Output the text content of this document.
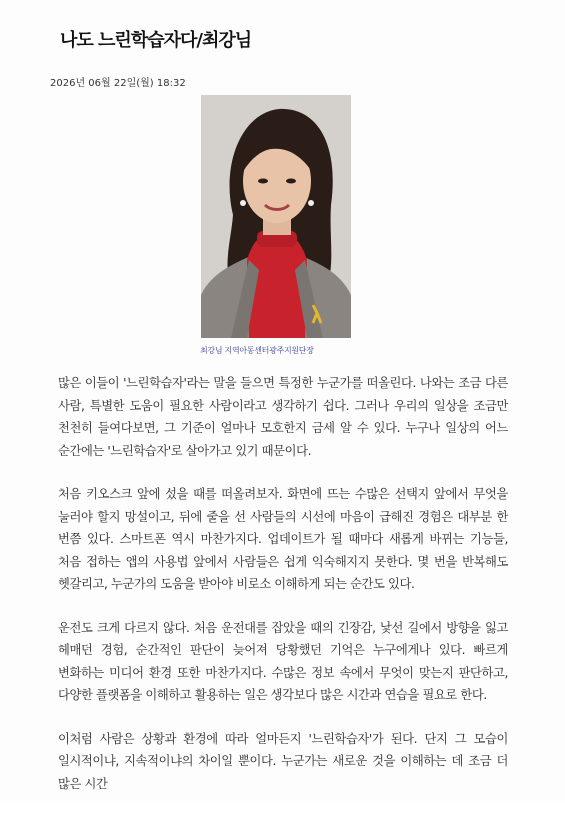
나도 느린학습자다/최강님
2026년 06월 22일(월) 18:32
최강님 지역아동센터광주지원단장

많은 이들이 '느린학습자'라는 말을 들으면 특정한 누군가를 떠올린다. 나와는 조금 다른 사람, 특별한 도움이 필요한 사람이라고 생각하기 쉽다. 그러나 우리의 일상을 조금만 천천히 들여다보면, 그 기준이 얼마나 모호한지 금세 알 수 있다. 누구나 일상의 어느 순간에는 '느린학습자'로 살아가고 있기 때문이다.

처음 키오스크 앞에 섰을 때를 떠올려보자. 화면에 뜨는 수많은 선택지 앞에서 무엇을 눌러야 할지 망설이고, 뒤에 줄을 선 사람들의 시선에 마음이 급해진 경험은 대부분 한 번쯤 있다. 스마트폰 역시 마찬가지다. 업데이트가 될 때마다 새롭게 바뀌는 기능들, 처음 접하는 앱의 사용법 앞에서 사람들은 쉽게 익숙해지지 못한다. 몇 번을 반복해도 헷갈리고, 누군가의 도움을 받아야 비로소 이해하게 되는 순간도 있다.

운전도 크게 다르지 않다. 처음 운전대를 잡았을 때의 긴장감, 낯선 길에서 방향을 잃고 헤매던 경험, 순간적인 판단이 늦어져 당황했던 기억은 누구에게나 있다. 빠르게 변화하는 미디어 환경 또한 마찬가지다. 수많은 정보 속에서 무엇이 맞는지 판단하고, 다양한 플랫폼을 이해하고 활용하는 일은 생각보다 많은 시간과 연습을 필요로 한다.

이처럼 사람은 상황과 환경에 따라 얼마든지 '느린학습자'가 된다. 단지 그 모습이 일시적이냐, 지속적이냐의 차이일 뿐이다. 누군가는 새로운 것을 이해하는 데 조금 더 많은 시간
